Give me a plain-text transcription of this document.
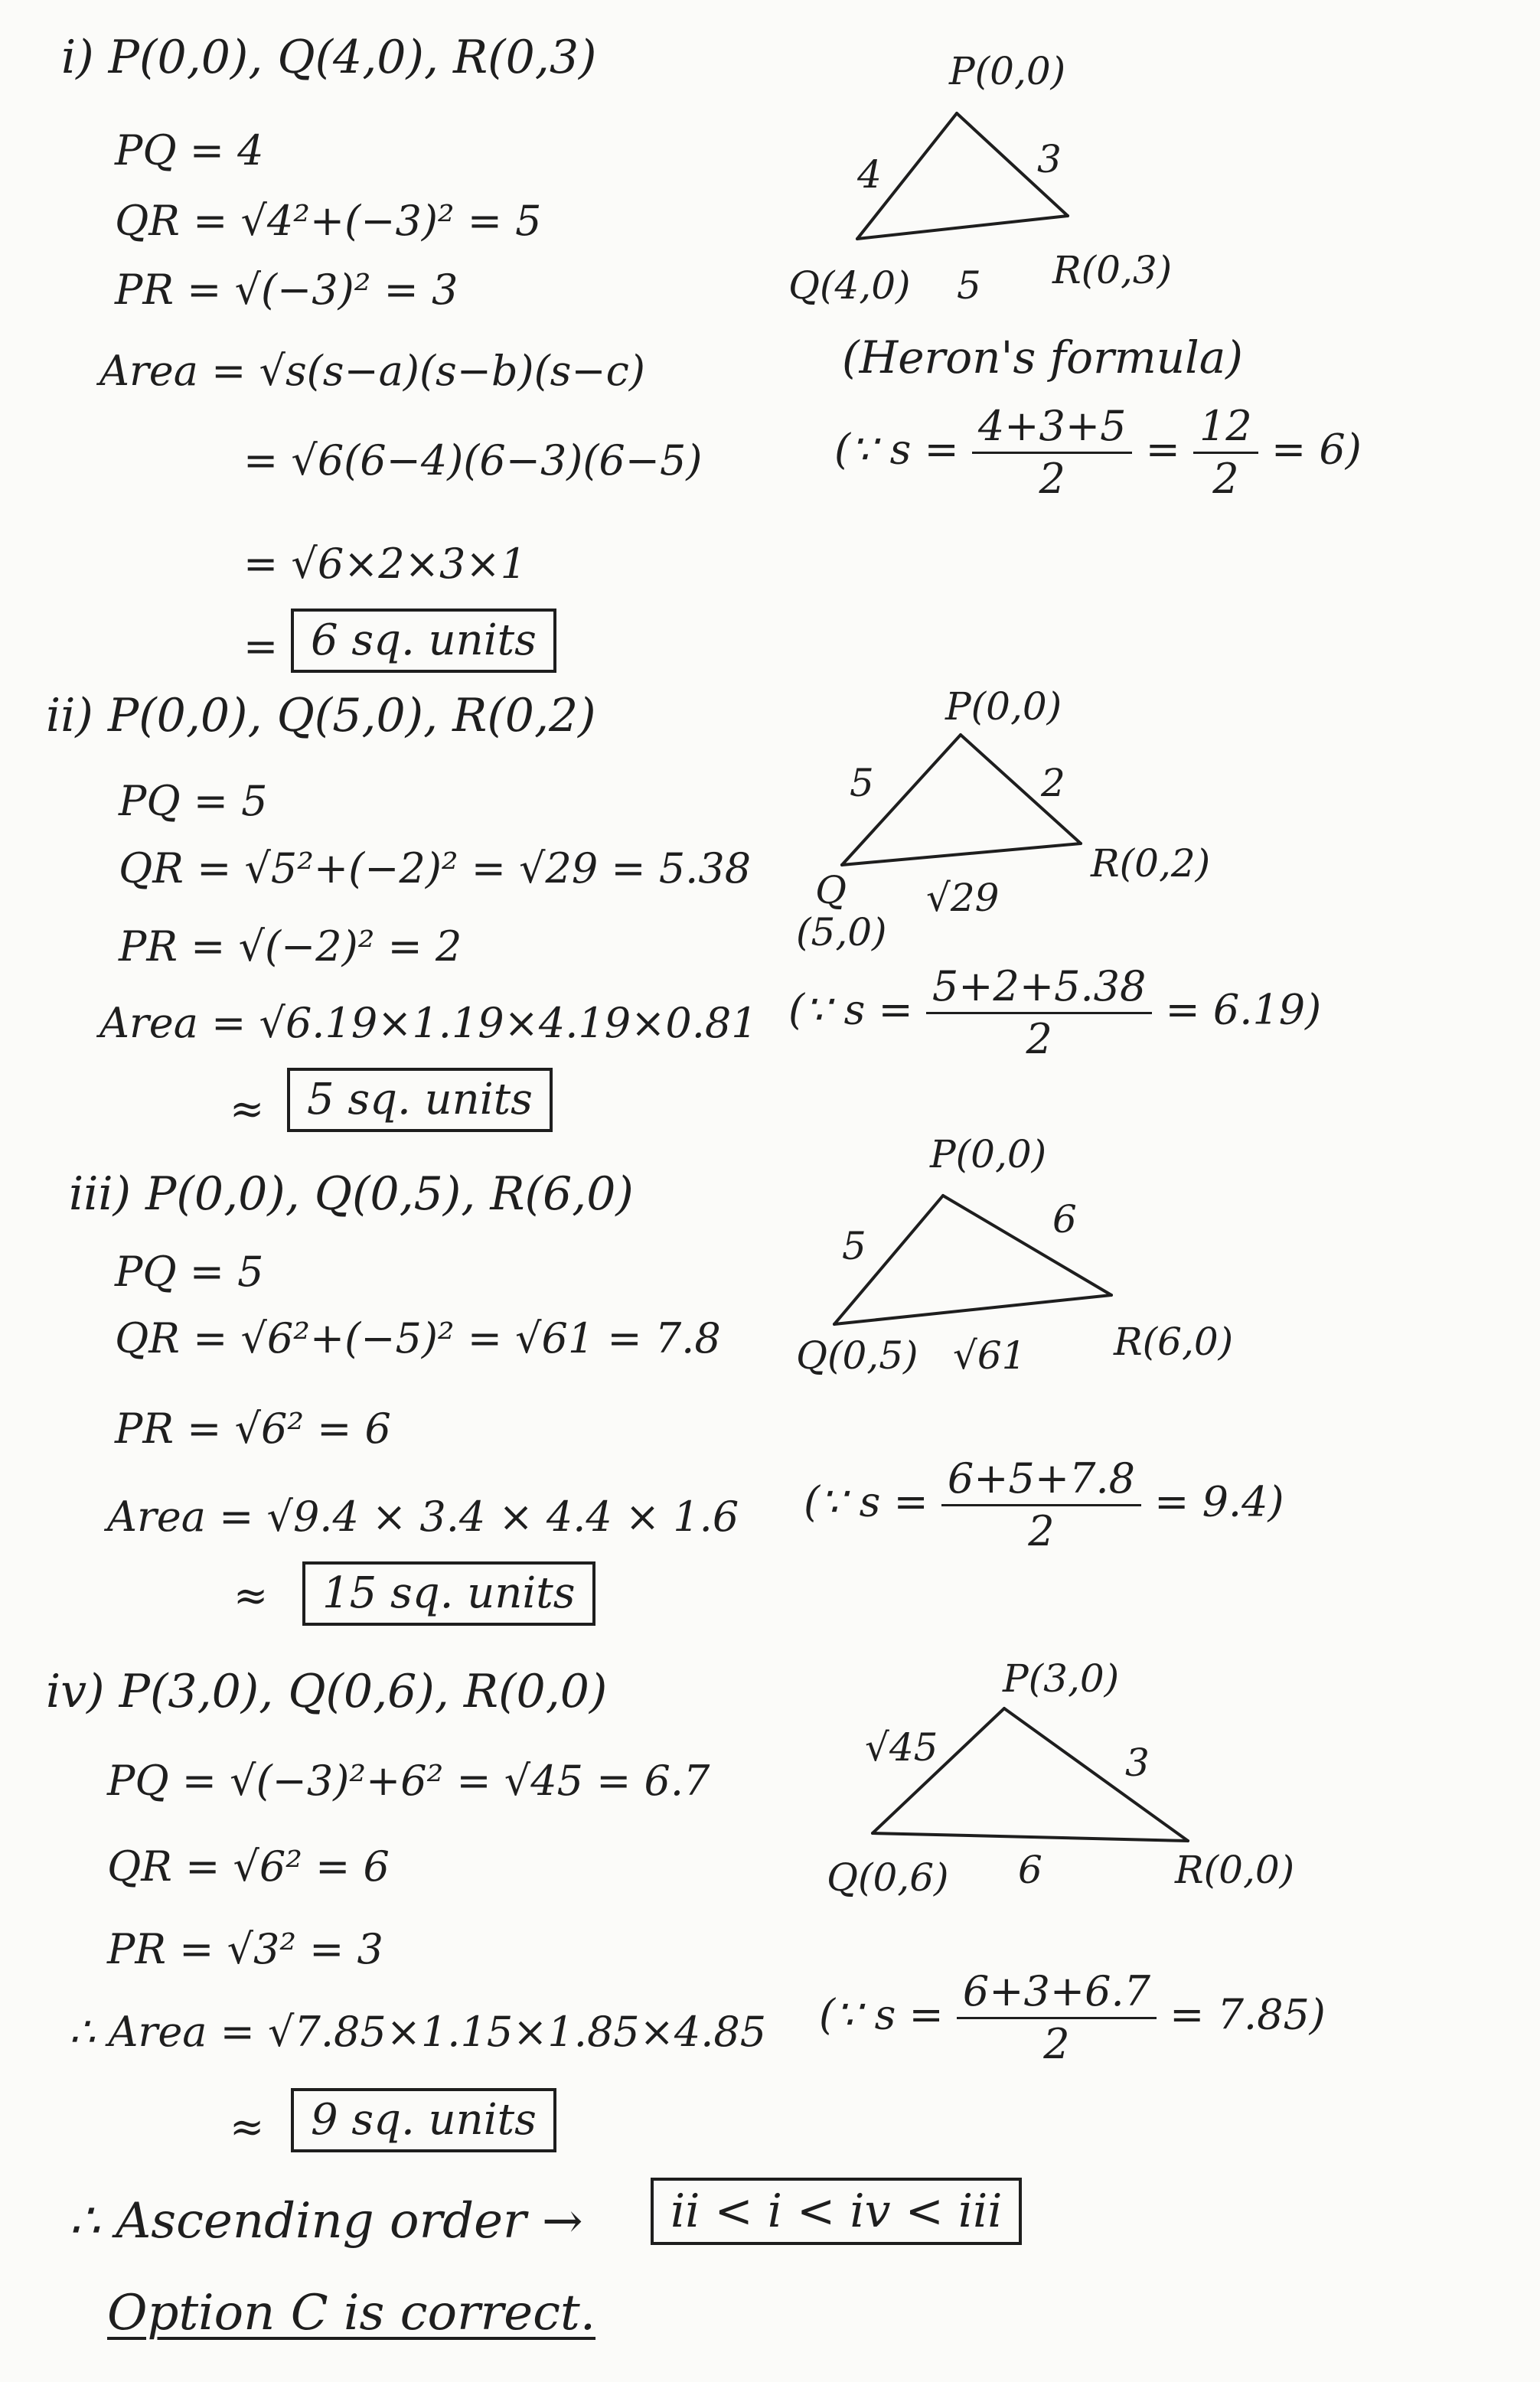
i) P(0,0), Q(4,0), R(0,3)
PQ = 4
QR = √4²+(−3)² = 5
PR = √(−3)² = 3
Area = √s(s−a)(s−b)(s−c)
= √6(6−4)(6−3)(6−5)
= √6×2×3×1
= 6 sq. units
(Heron's formula)
(∵ $s = \frac{4+3+5}{2} = \frac{12}{2} = 6$)
P(0,0)
4	3
5
Q(4,0)	R(0,3)
ii) P(0,0), Q(5,0), R(0,2)
PQ = 5
QR = √5²+(−2)² = √29 = 5.38
PR = √(−2)² = 2
Area = √6.19×1.19×4.19×0.81
≈ 5 sq. units
(∵ $s = \frac{5+2+5.38}{2} = 6.19$)
P(0,0)
5	2
√29
Q
(5,0)
R(0,2)
iii) P(0,0), Q(0,5), R(6,0)
PQ = 5
QR = √6²+(−5)² = √61 = 7.8
PR = √6² = 6
Area = √9.4 × 3.4 × 4.4 × 1.6
≈	15 sq. units
(∵ $s = \frac{6+5+7.8}{2} = 9.4$)
P(0,0)
5
6
√61
Q(0,5)	R(6,0)
iv) P(3,0), Q(0,6), R(0,0)
PQ = √(−3)²+6² = √45 = 6.7
QR = √6² = 6
PR = √3² = 3
∴ Area = √7.85×1.15×1.85×4.85
≈	9 sq. units
(∵ $s = \frac{6+3+6.7}{2} = 7.85$)
P(3,0)
√45	3
6
Q(0,6)	R(0,0)
∴ Ascending order →	ii < i < iv < iii
Option C is correct.
